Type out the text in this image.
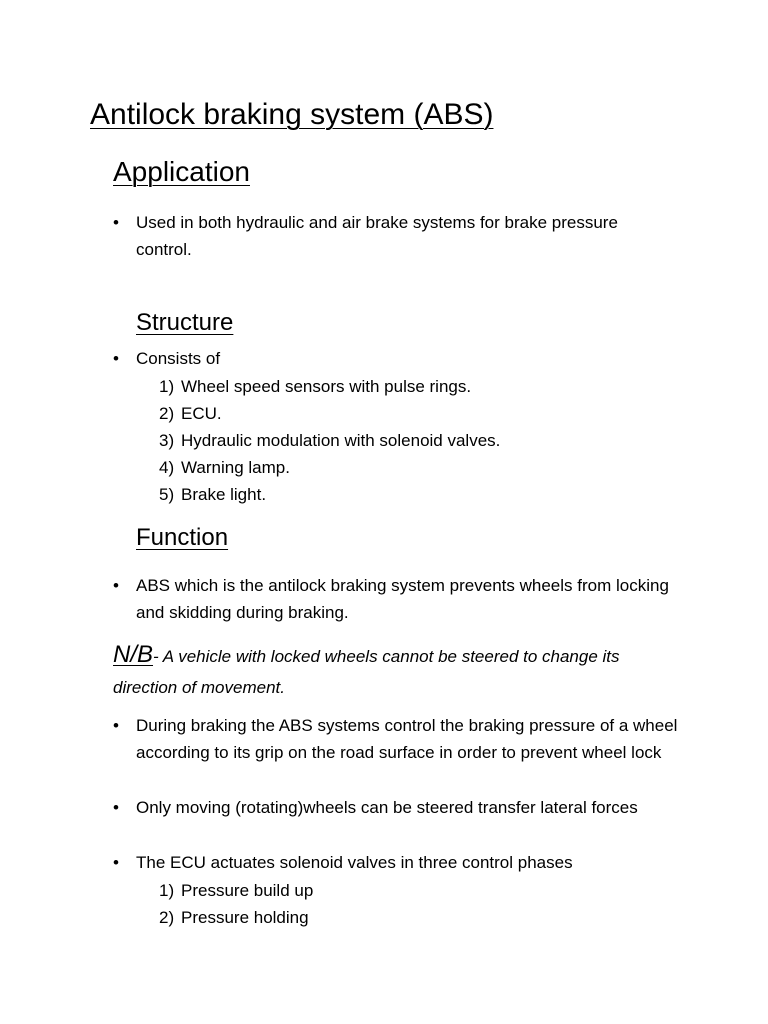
Antilock braking system (ABS)
Application
• Used in both hydraulic and air brake systems for brake pressure control.
Structure
• Consists of
1) Wheel speed sensors with pulse rings.
2) ECU.
3) Hydraulic modulation with solenoid valves.
4) Warning lamp.
5) Brake light.
Function
• ABS which is the antilock braking system prevents wheels from locking and skidding during braking.
N/B- A vehicle with locked wheels cannot be steered to change its direction of movement.
• During braking the ABS systems control the braking pressure of a wheel according to its grip on the road surface in order to prevent wheel lock
• Only moving (rotating)wheels can be steered transfer lateral forces
• The ECU actuates solenoid valves in three control phases
1) Pressure build up
2) Pressure holding
